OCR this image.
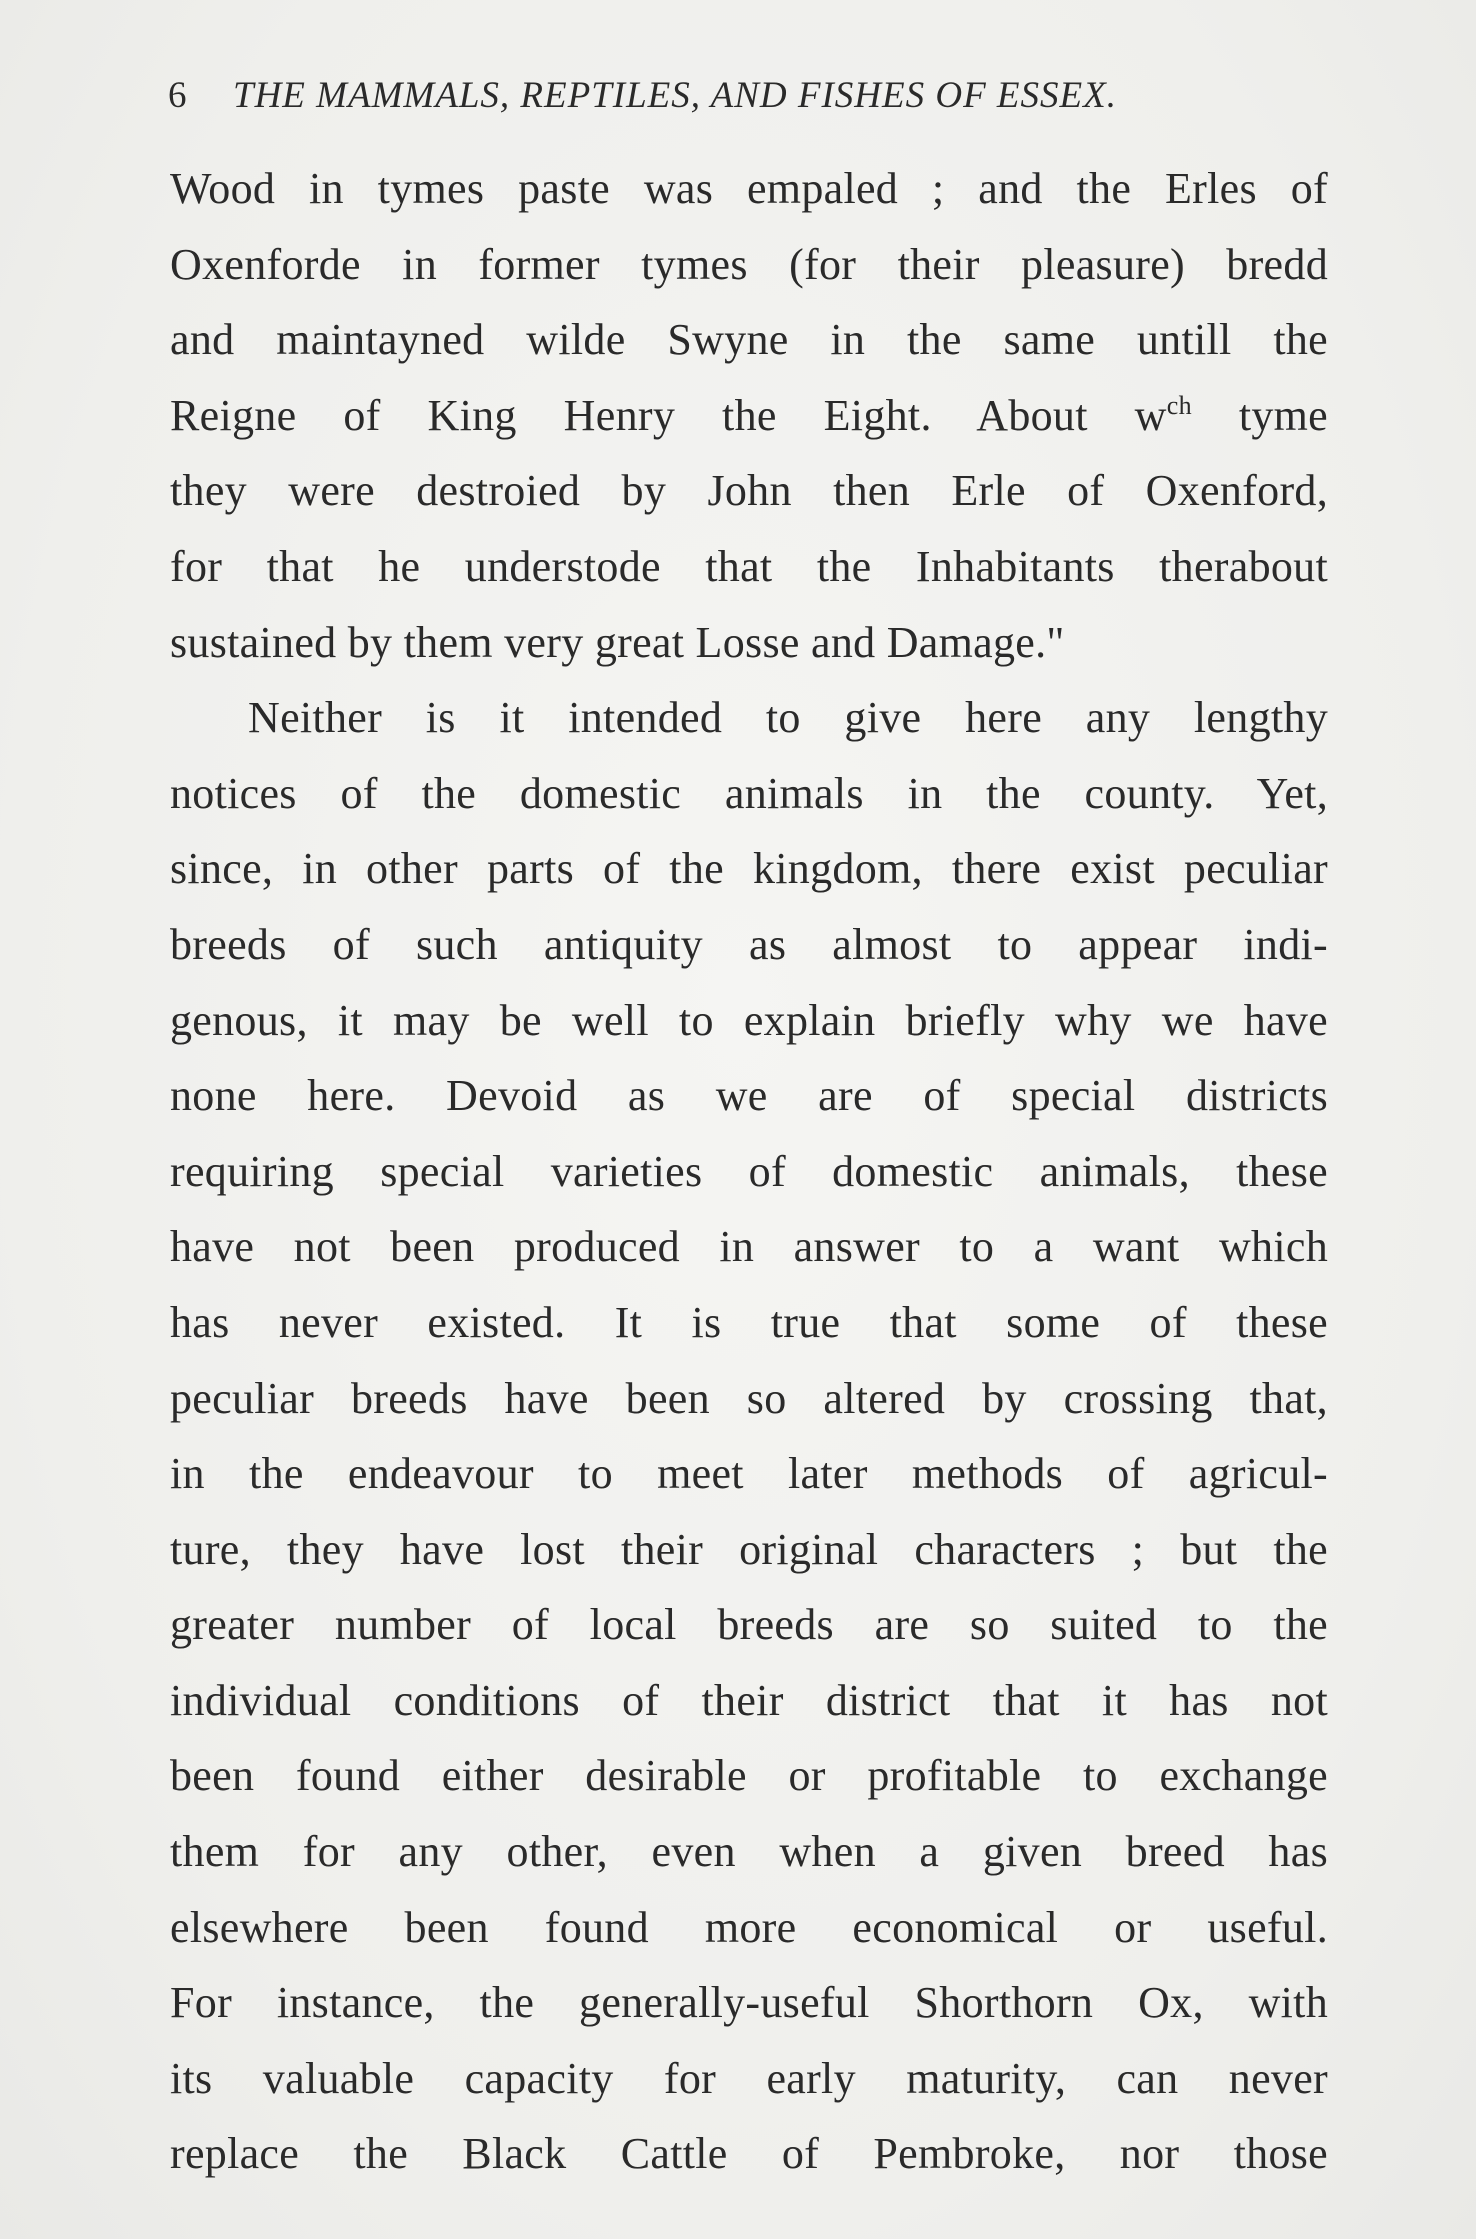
6 THE MAMMALS, REPTILES, AND FISHES OF ESSEX.
Wood in tymes paste was empaled ; and the Erles of
Oxenforde in former tymes (for their pleasure) bredd
and maintayned wilde Swyne in the same untill the
Reigne of King Henry the Eight. About $w^{ch}$ tyme
they were destroied by John then Erle of Oxenford,
for that he understode that the Inhabitants therabout
sustained by them very great Losse and Damage."
Neither is it intended to give here any lengthy
notices of the domestic animals in the county. Yet,
since, in other parts of the kingdom, there exist peculiar
breeds of such antiquity as almost to appear indi-
genous, it may be well to explain briefly why we have
none here. Devoid as we are of special districts
requiring special varieties of domestic animals, these
have not been produced in answer to a want which
has never existed. It is true that some of these
peculiar breeds have been so altered by crossing that,
in the endeavour to meet later methods of agricul-
ture, they have lost their original characters ; but the
greater number of local breeds are so suited to the
individual conditions of their district that it has not
been found either desirable or profitable to exchange
them for any other, even when a given breed has
elsewhere been found more economical or useful.
For instance, the generally-useful Shorthorn Ox, with
its valuable capacity for early maturity, can never
replace the Black Cattle of Pembroke, nor those
